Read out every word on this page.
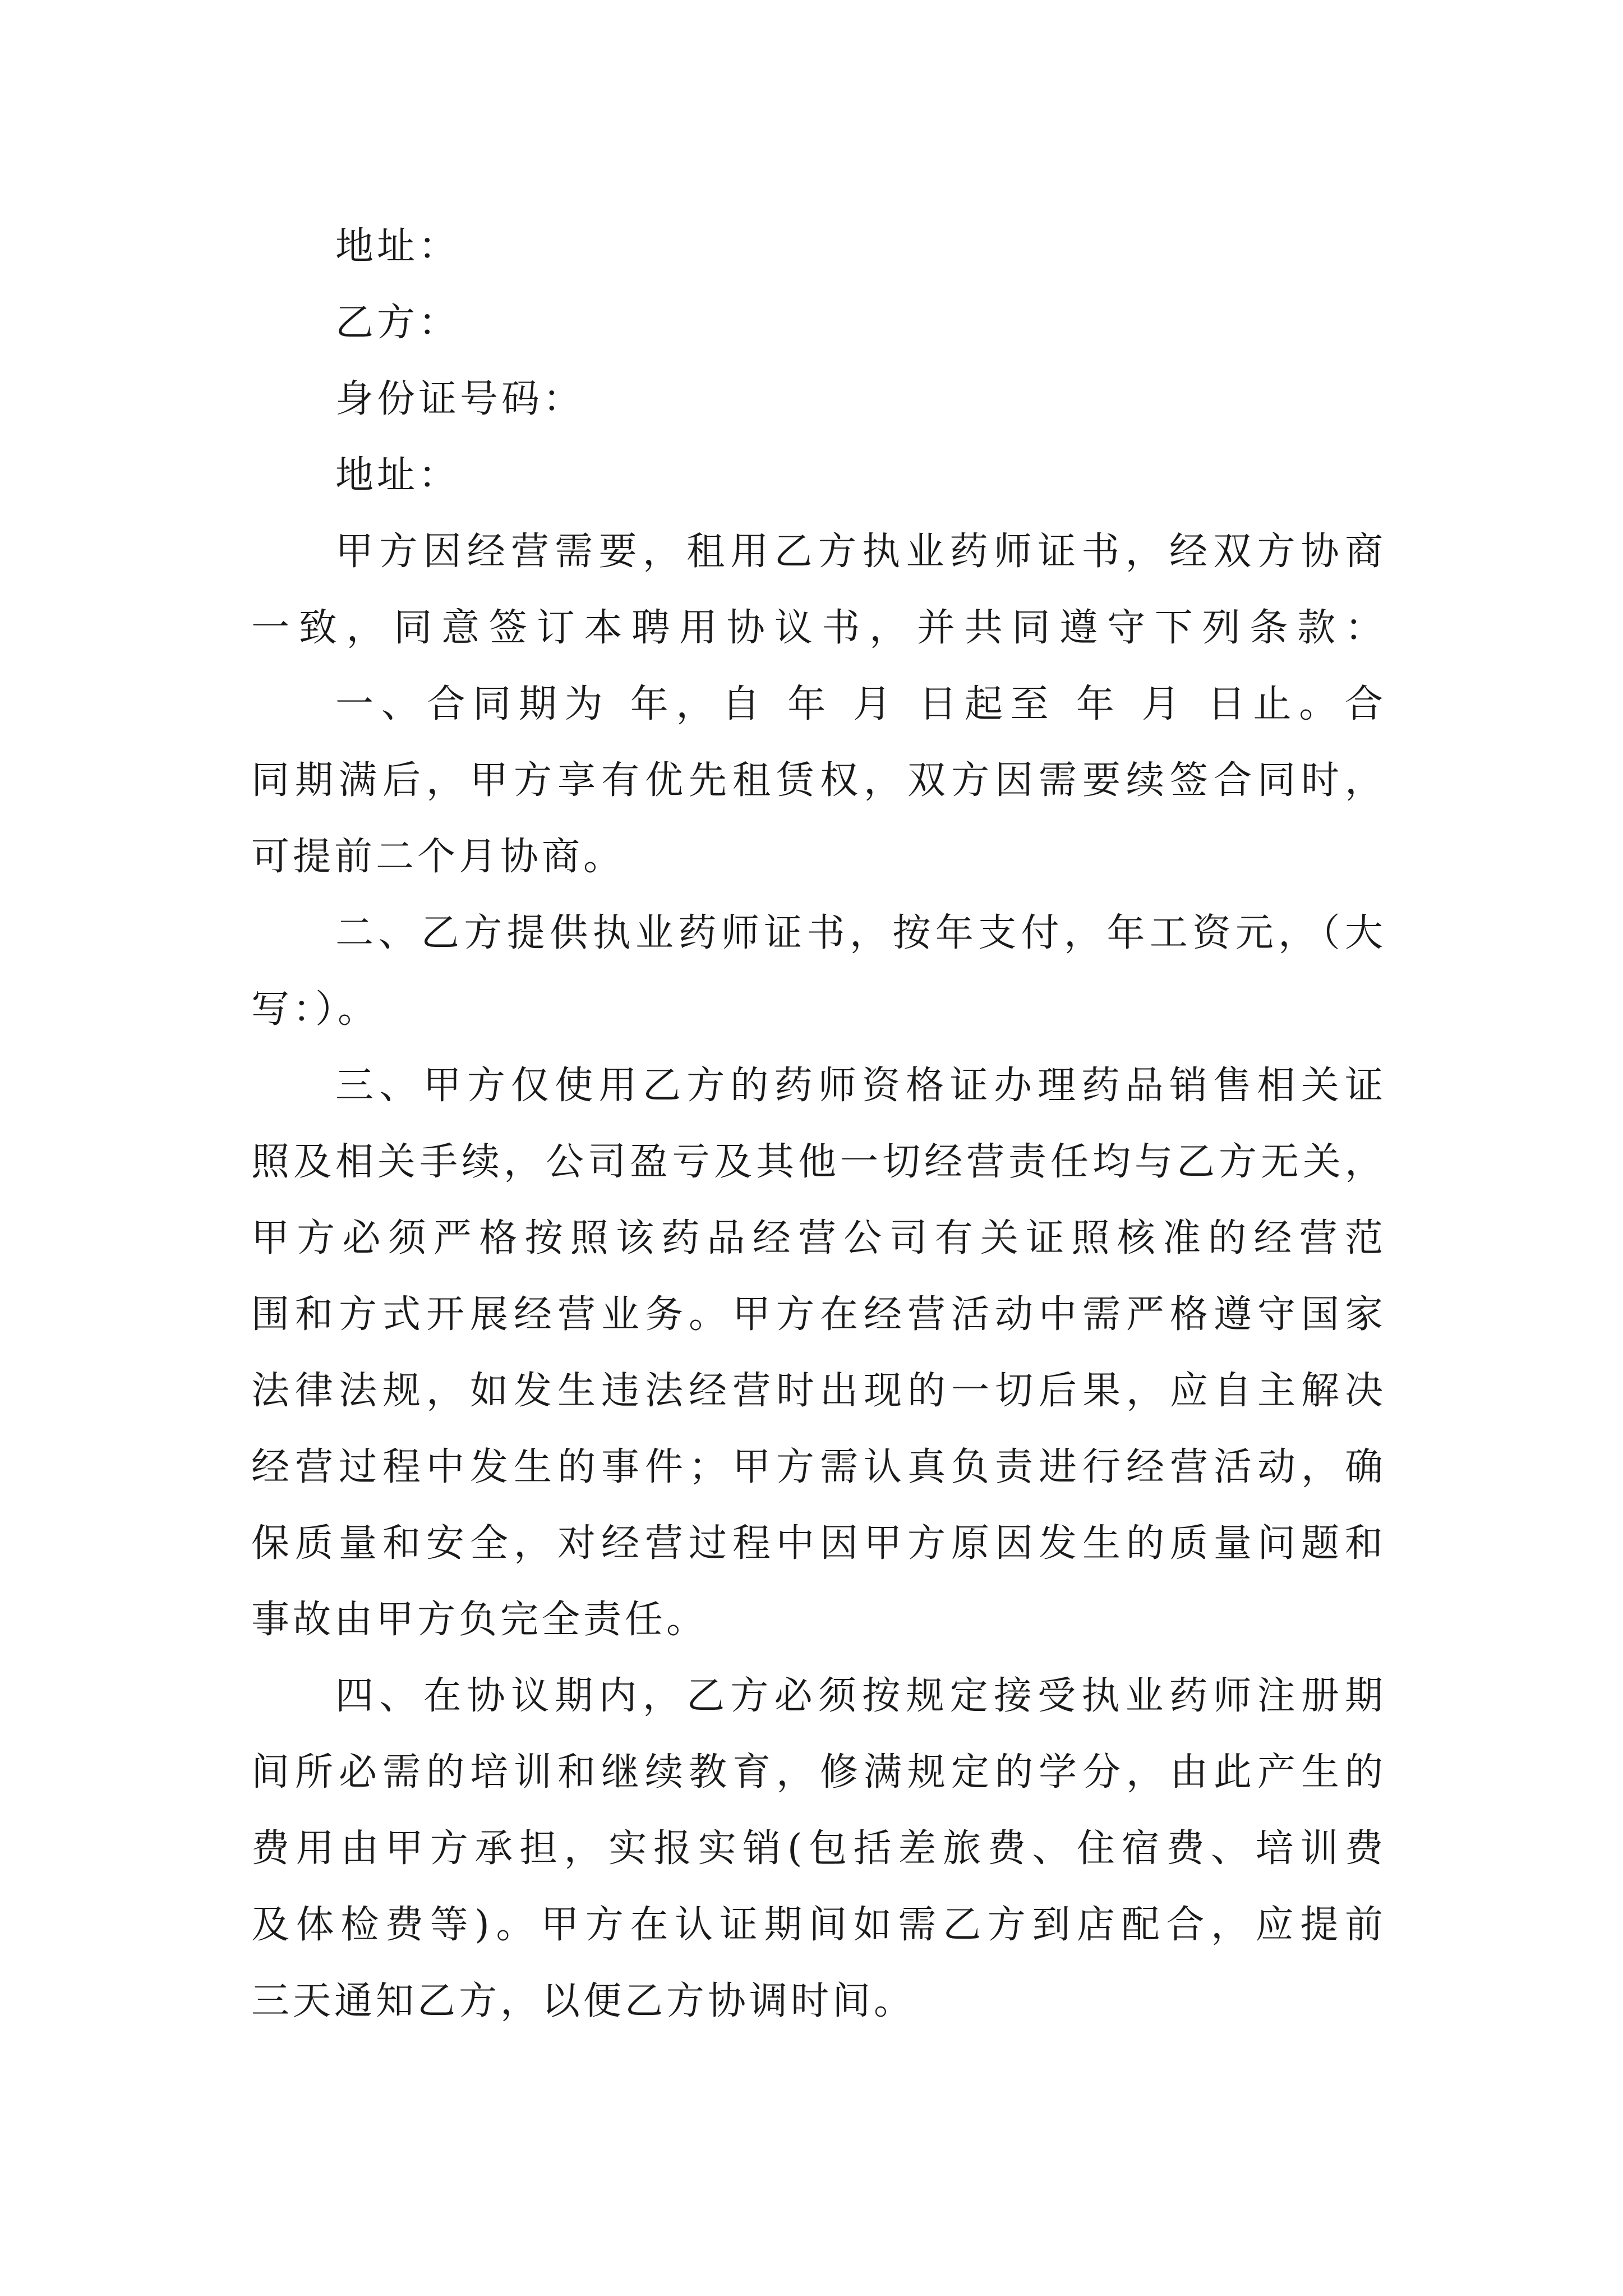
地址：
乙方：
身份证号码：
地址：
甲方因经营需要，租用乙方执业药师证书，经双方协商
一致，同意签订本聘用协议书，并共同遵守下列条款：
一、合同期为 年，自 年 月 日起至 年 月 日止。合
同期满后，甲方享有优先租赁权，双方因需要续签合同时，
可提前二个月协商。
二、乙方提供执业药师证书，按年支付，年工资元，（大
写：）。
三、甲方仅使用乙方的药师资格证办理药品销售相关证
照及相关手续，公司盈亏及其他一切经营责任均与乙方无关，
甲方必须严格按照该药品经营公司有关证照核准的经营范
围和方式开展经营业务。甲方在经营活动中需严格遵守国家
法律法规，如发生违法经营时出现的一切后果，应自主解决
经营过程中发生的事件；甲方需认真负责进行经营活动，确
保质量和安全，对经营过程中因甲方原因发生的质量问题和
事故由甲方负完全责任。
四、在协议期内，乙方必须按规定接受执业药师注册期
间所必需的培训和继续教育，修满规定的学分，由此产生的
费用由甲方承担，实报实销(包括差旅费、住宿费、培训费
及体检费等)。甲方在认证期间如需乙方到店配合，应提前
三天通知乙方，以便乙方协调时间。
